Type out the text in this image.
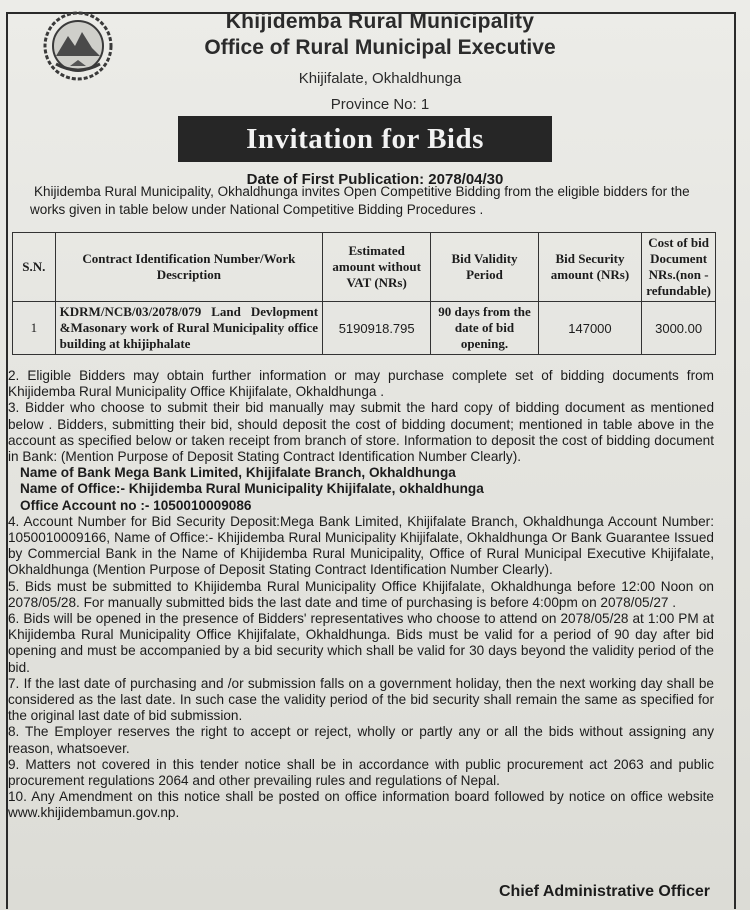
Khijidemba Rural Municipality
Office of Rural Municipal Executive
Khijifalate, Okhaldhunga
Province No: 1
Invitation for Bids
Date of First Publication: 2078/04/30

Khijidemba Rural Municipality, Okhaldhunga invites Open Competitive Bidding from the eligible bidders for the works given in table below under National Competitive Bidding Procedures .

S.N.	Contract Identification Number/Work Description	Estimated amount without VAT (NRs)	Bid Validity Period	Bid Security amount (NRs)	Cost of bid Document NRs.(non - refundable)
1	KDRM/NCB/03/2078/079 Land Devlopment &Masonary work of Rural Municipality office building at khijiphalate	5190918.795	90 days from the date of bid opening.	147000	3000.00

2. Eligible Bidders may obtain further information or may purchase complete set of bidding documents from Khijidemba Rural Municipality Office Khijifalate, Okhaldhunga .

3. Bidder who choose to submit their bid manually may submit the hard copy of bidding document as mentioned below . Bidders, submitting their bid, should deposit the cost of bidding document; mentioned in table above in the account as specified below or taken receipt from branch of store. Information to deposit the cost of bidding document in Bank: (Mention Purpose of Deposit Stating Contract Identification Number Clearly).

Name of Bank Mega Bank Limited, Khijifalate Branch, Okhaldhunga

Name of Office:- Khijidemba Rural Municipality Khijifalate, okhaldhunga

Office Account no :- 1050010009086

4. Account Number for Bid Security Deposit:Mega Bank Limited, Khijifalate Branch, Okhaldhunga Account Number: 1050010009166, Name of Office:- Khijidemba Rural Municipality Khijifalate, Okhaldhunga Or Bank Guarantee Issued by Commercial Bank in the Name of Khijidemba Rural Municipality, Office of Rural Municipal Executive Khijifalate, Okhaldhunga (Mention Purpose of Deposit Stating Contract Identification Number Clearly).

5. Bids must be submitted to Khijidemba Rural Municipality Office Khijifalate, Okhaldhunga before 12:00 Noon on 2078/05/28. For manually submitted bids the last date and time of purchasing is before 4:00pm on 2078/05/27 .

6. Bids will be opened in the presence of Bidders' representatives who choose to attend on 2078/05/28 at 1:00 PM at Khijidemba Rural Municipality Office Khijifalate, Okhaldhunga. Bids must be valid for a period of 90 day after bid opening and must be accompanied by a bid security which shall be valid for 30 days beyond the validity period of the bid.

7. If the last date of purchasing and /or submission falls on a government holiday, then the next working day shall be considered as the last date. In such case the validity period of the bid security shall remain the same as specified for the original last date of bid submission.

8. The Employer reserves the right to accept or reject, wholly or partly any or all the bids without assigning any reason, whatsoever.

9. Matters not covered in this tender notice shall be in accordance with public procurement act 2063 and public procurement regulations 2064 and other prevailing rules and regulations of Nepal.

10. Any Amendment on this notice shall be posted on office information board followed by notice on office website www.khijidembamun.gov.np.

Chief Administrative Officer
